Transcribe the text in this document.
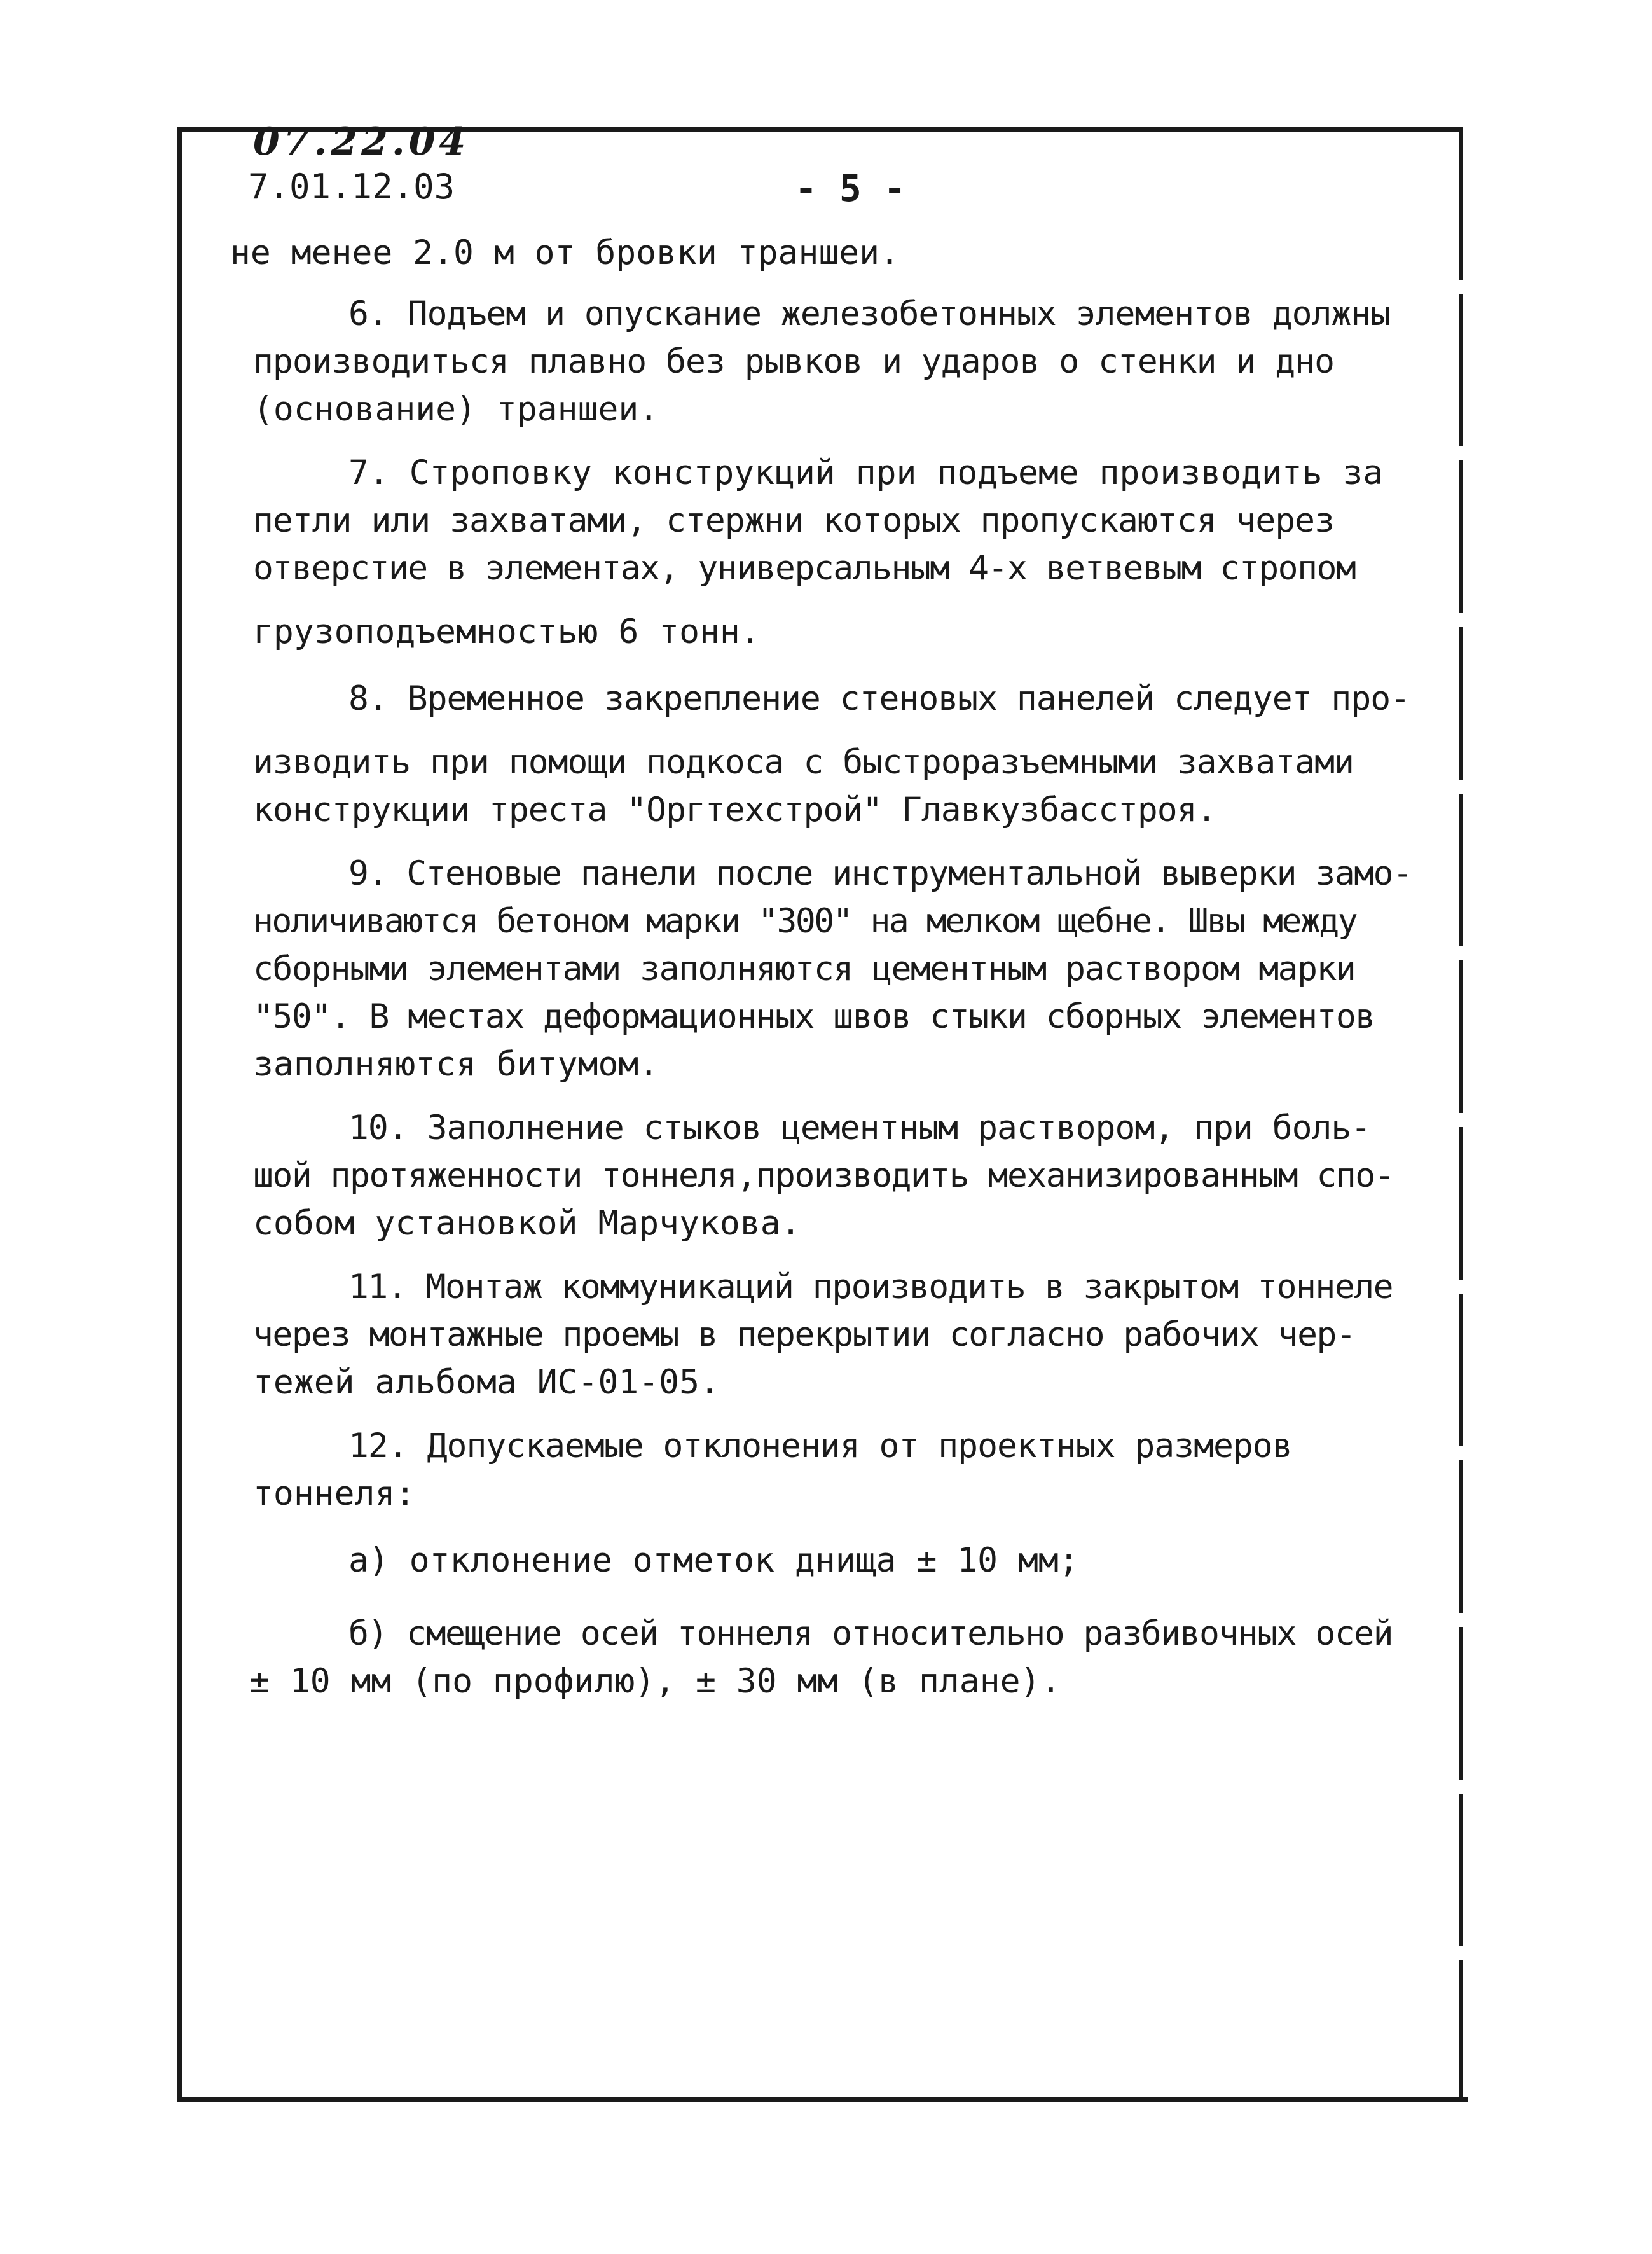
07.22.04
7.01.12.03	- 5 -
не менее 2.0 м от бровки траншеи.
6. Подъем и опускание железобетонных элементов должны
производиться плавно без рывков и ударов о стенки и дно
(основание) траншеи.
7. Строповку конструкций при подъеме производить за
петли или захватами, стержни которых пропускаются через
отверстие в элементах, универсальным 4-х ветвевым стропом
грузоподъемностью 6 тонн.
8. Временное закрепление стеновых панелей следует про-
изводить при помощи подкоса с быстроразъемными захватами
конструкции треста "Оргтехстрой" Главкузбасстроя.
9. Стеновые панели после инструментальной выверки замо-
ноличиваются бетоном марки "300" на мелком щебне. Швы между
сборными элементами заполняются цементным раствором марки
"50". В местах деформационных швов стыки сборных элементов
заполняются битумом.
10. Заполнение стыков цементным раствором, при боль-
шой протяженности тоннеля,производить механизированным спо-
собом установкой Марчукова.
11. Монтаж коммуникаций производить в закрытом тоннеле
через монтажные проемы в перекрытии согласно рабочих чер-
тежей альбома ИС-01-05.
12. Допускаемые отклонения от проектных размеров
тоннеля:
а) отклонение отметок днища ± 10 мм;
б) смещение осей тоннеля относительно разбивочных осей
± 10 мм (по профилю), ± 30 мм (в плане).
